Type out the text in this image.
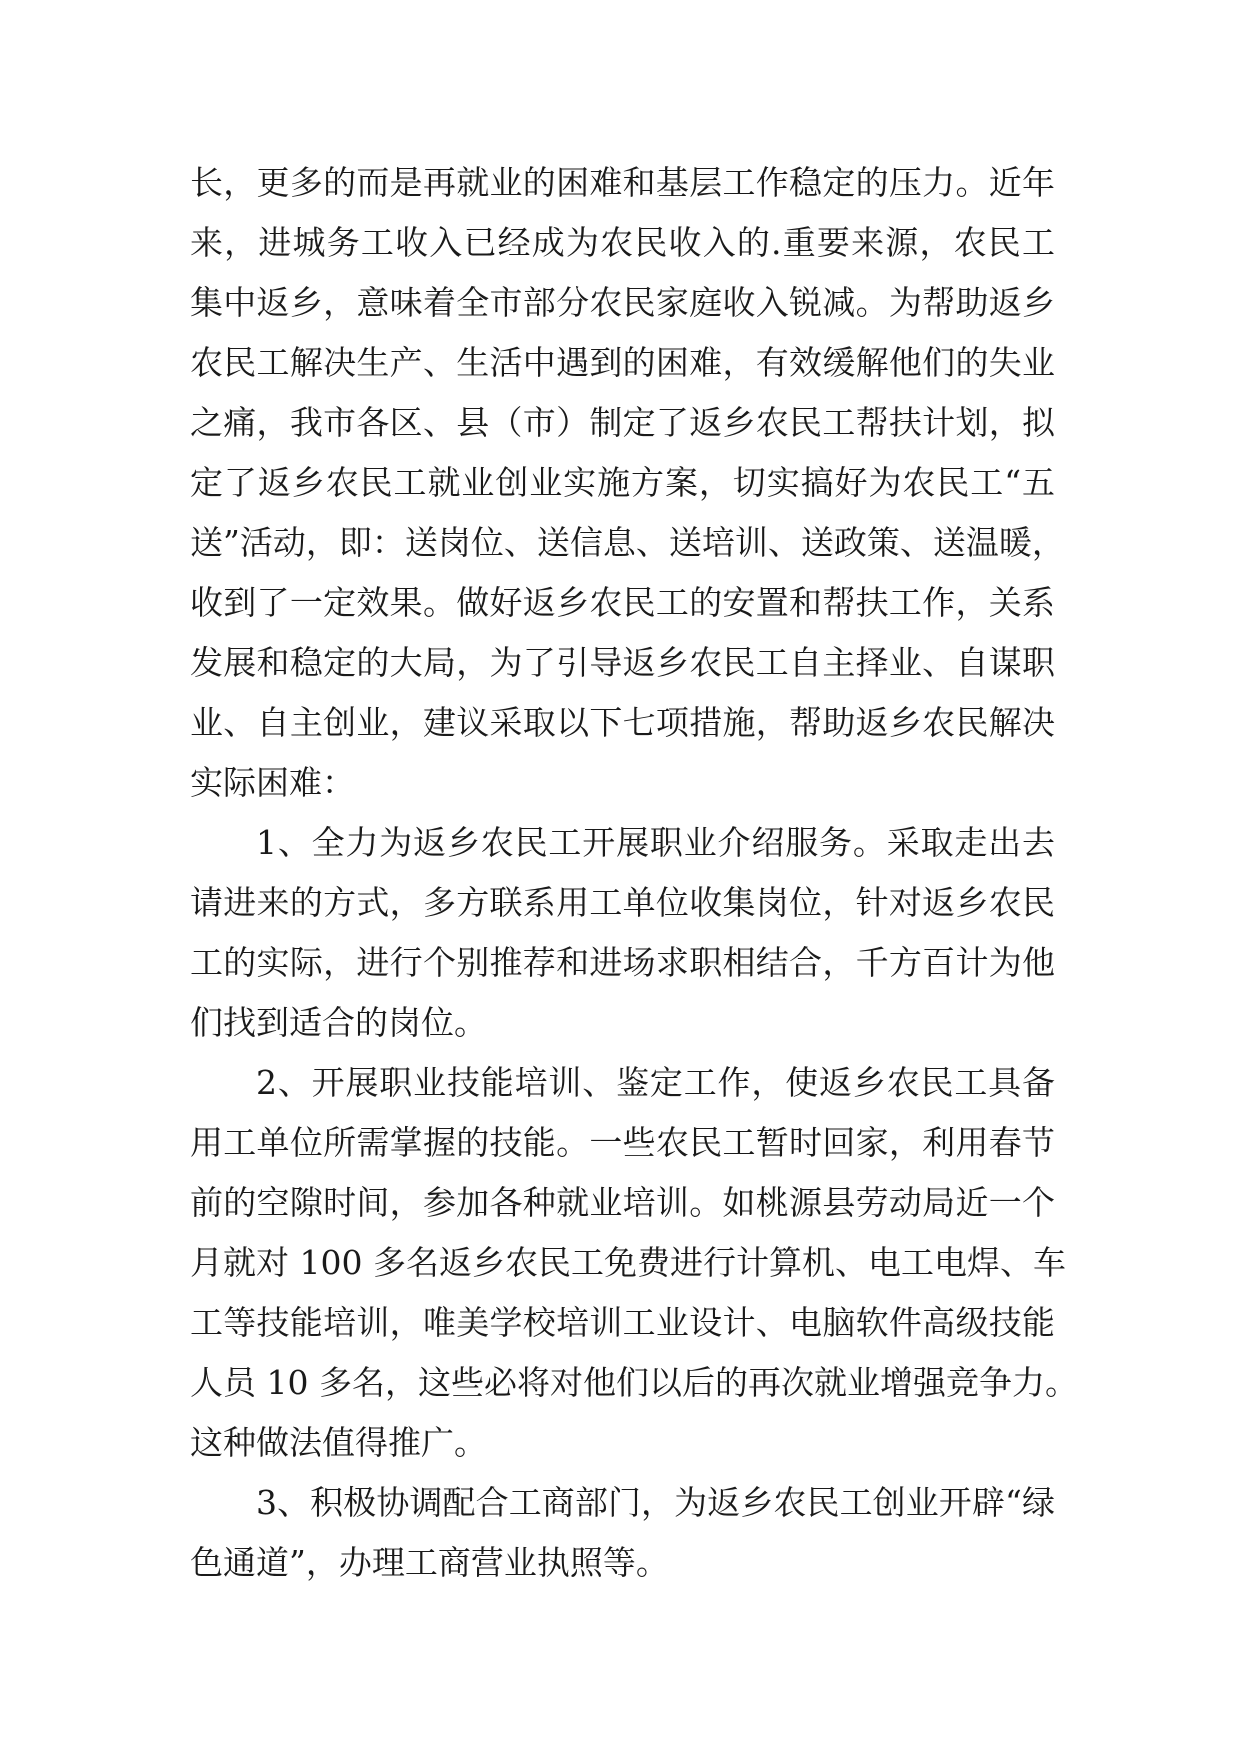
长，更多的而是再就业的困难和基层工作稳定的压力。近年
来，进城务工收入已经成为农民收入的.重要来源，农民工
集中返乡，意味着全市部分农民家庭收入锐减。为帮助返乡
农民工解决生产、生活中遇到的困难，有效缓解他们的失业
之痛，我市各区、县（市）制定了返乡农民工帮扶计划，拟
定了返乡农民工就业创业实施方案，切实搞好为农民工“五
送”活动，即：送岗位、送信息、送培训、送政策、送温暖，
收到了一定效果。做好返乡农民工的安置和帮扶工作，关系
发展和稳定的大局，为了引导返乡农民工自主择业、自谋职
业、自主创业，建议采取以下七项措施，帮助返乡农民解决
实际困难：
1、全力为返乡农民工开展职业介绍服务。采取走出去
请进来的方式，多方联系用工单位收集岗位，针对返乡农民
工的实际，进行个别推荐和进场求职相结合，千方百计为他
们找到适合的岗位。
2、开展职业技能培训、鉴定工作，使返乡农民工具备
用工单位所需掌握的技能。一些农民工暂时回家，利用春节
前的空隙时间，参加各种就业培训。如桃源县劳动局近一个
月就对 100 多名返乡农民工免费进行计算机、电工电焊、车
工等技能培训，唯美学校培训工业设计、电脑软件高级技能
人员 10 多名，这些必将对他们以后的再次就业增强竞争力。
这种做法值得推广。
3、积极协调配合工商部门，为返乡农民工创业开辟“绿
色通道”，办理工商营业执照等。
